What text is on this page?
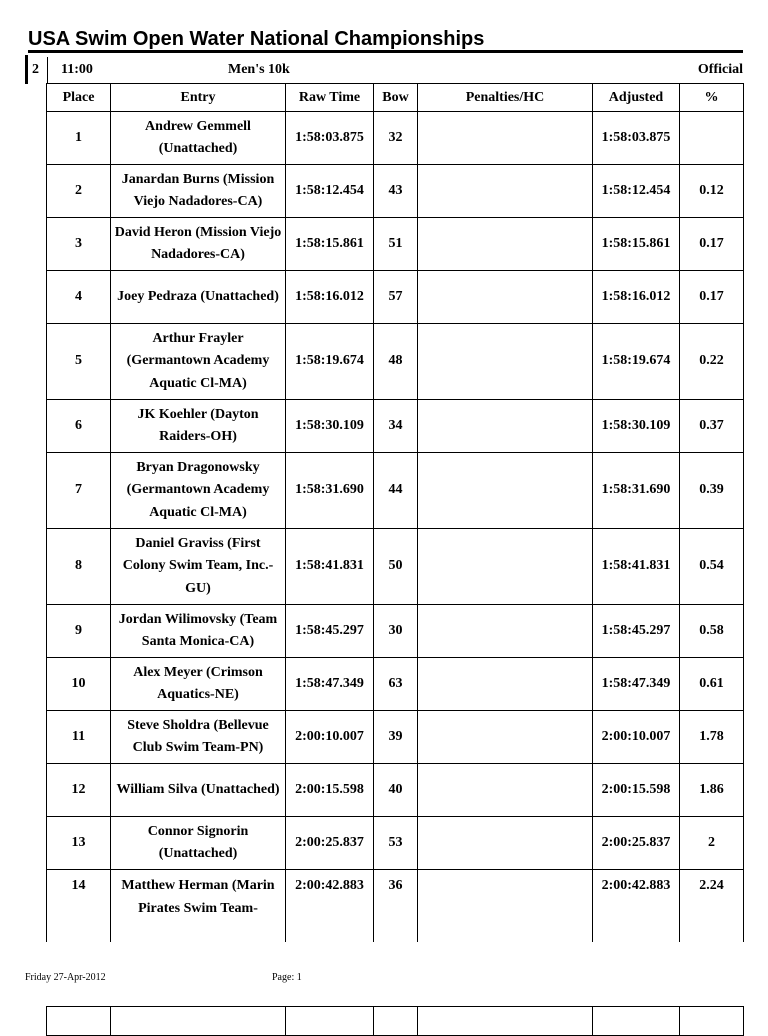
USA Swim Open Water National Championships
2 11:00	Men's 10k	Official
Place	Entry	Raw Time	Bow	Penalties/HC	Adjusted	%
1	Andrew Gemmell (Unattached)	1:58:03.875	32		1:58:03.875	
2	Janardan Burns (Mission Viejo Nadadores-CA)	1:58:12.454	43		1:58:12.454	0.12
3	David Heron (Mission Viejo Nadadores-CA)	1:58:15.861	51		1:58:15.861	0.17
4	Joey Pedraza (Unattached)	1:58:16.012	57		1:58:16.012	0.17
5	Arthur Frayler (Germantown Academy Aquatic Cl-MA)	1:58:19.674	48		1:58:19.674	0.22
6	JK Koehler (Dayton Raiders-OH)	1:58:30.109	34		1:58:30.109	0.37
7	Bryan Dragonowsky (Germantown Academy Aquatic Cl-MA)	1:58:31.690	44		1:58:31.690	0.39
8	Daniel Graviss (First Colony Swim Team, Inc.-GU)	1:58:41.831	50		1:58:41.831	0.54
9	Jordan Wilimovsky (Team Santa Monica-CA)	1:58:45.297	30		1:58:45.297	0.58
10	Alex Meyer (Crimson Aquatics-NE)	1:58:47.349	63		1:58:47.349	0.61
11	Steve Sholdra (Bellevue Club Swim Team-PN)	2:00:10.007	39		2:00:10.007	1.78
12	William Silva (Unattached)	2:00:15.598	40		2:00:15.598	1.86
13	Connor Signorin (Unattached)	2:00:25.837	53		2:00:25.837	2
14	Matthew Herman (Marin Pirates Swim Team-	2:00:42.883	36		2:00:42.883	2.24
Friday 27-Apr-2012	Page: 1
